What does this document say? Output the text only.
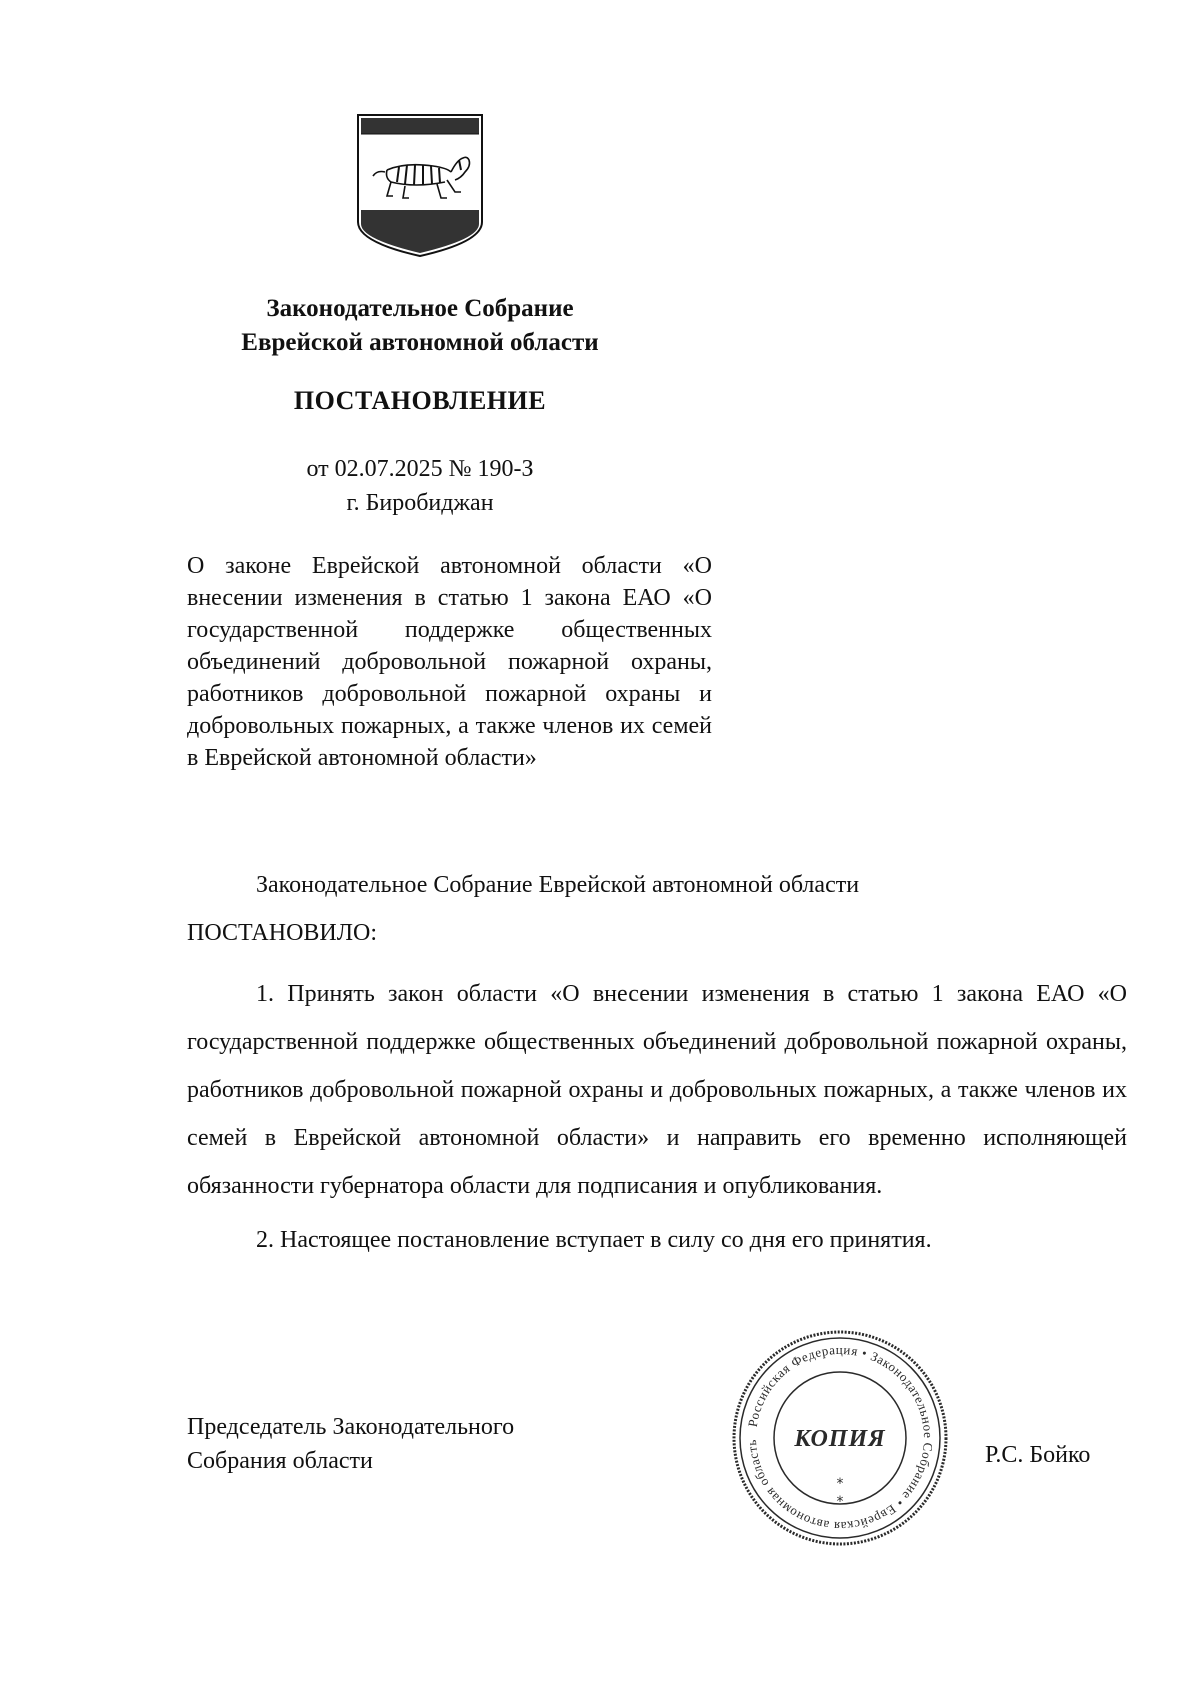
Законодательное Собрание
Еврейской автономной области
ПОСТАНОВЛЕНИЕ
от 02.07.2025 № 190-З
г. Биробиджан
О законе Еврейской автономной области «О внесении изменения в статью 1 закона ЕАО «О государственной поддержке общественных объединений добровольной пожарной охраны, работников добровольной пожарной охраны и добровольных пожарных, а также членов их семей в Еврейской автономной области»
Законодательное Собрание Еврейской автономной области
ПОСТАНОВИЛО:

1. Принять закон области «О внесении изменения в статью 1 закона ЕАО «О государственной поддержке общественных объединений добровольной пожарной охраны, работников добровольной пожарной охраны и добровольных пожарных, а также членов их семей в Еврейской автономной области» и направить его временно исполняющей обязанности губернатора области для подписания и опубликования.

2. Настоящее постановление вступает в силу со дня его принятия.

Председатель Законодательного
Собрания области
Российская Федерация • Законодательное Собрание • Еврейская автономная область	КОПИЯ
*
*
Р.С. Бойко
